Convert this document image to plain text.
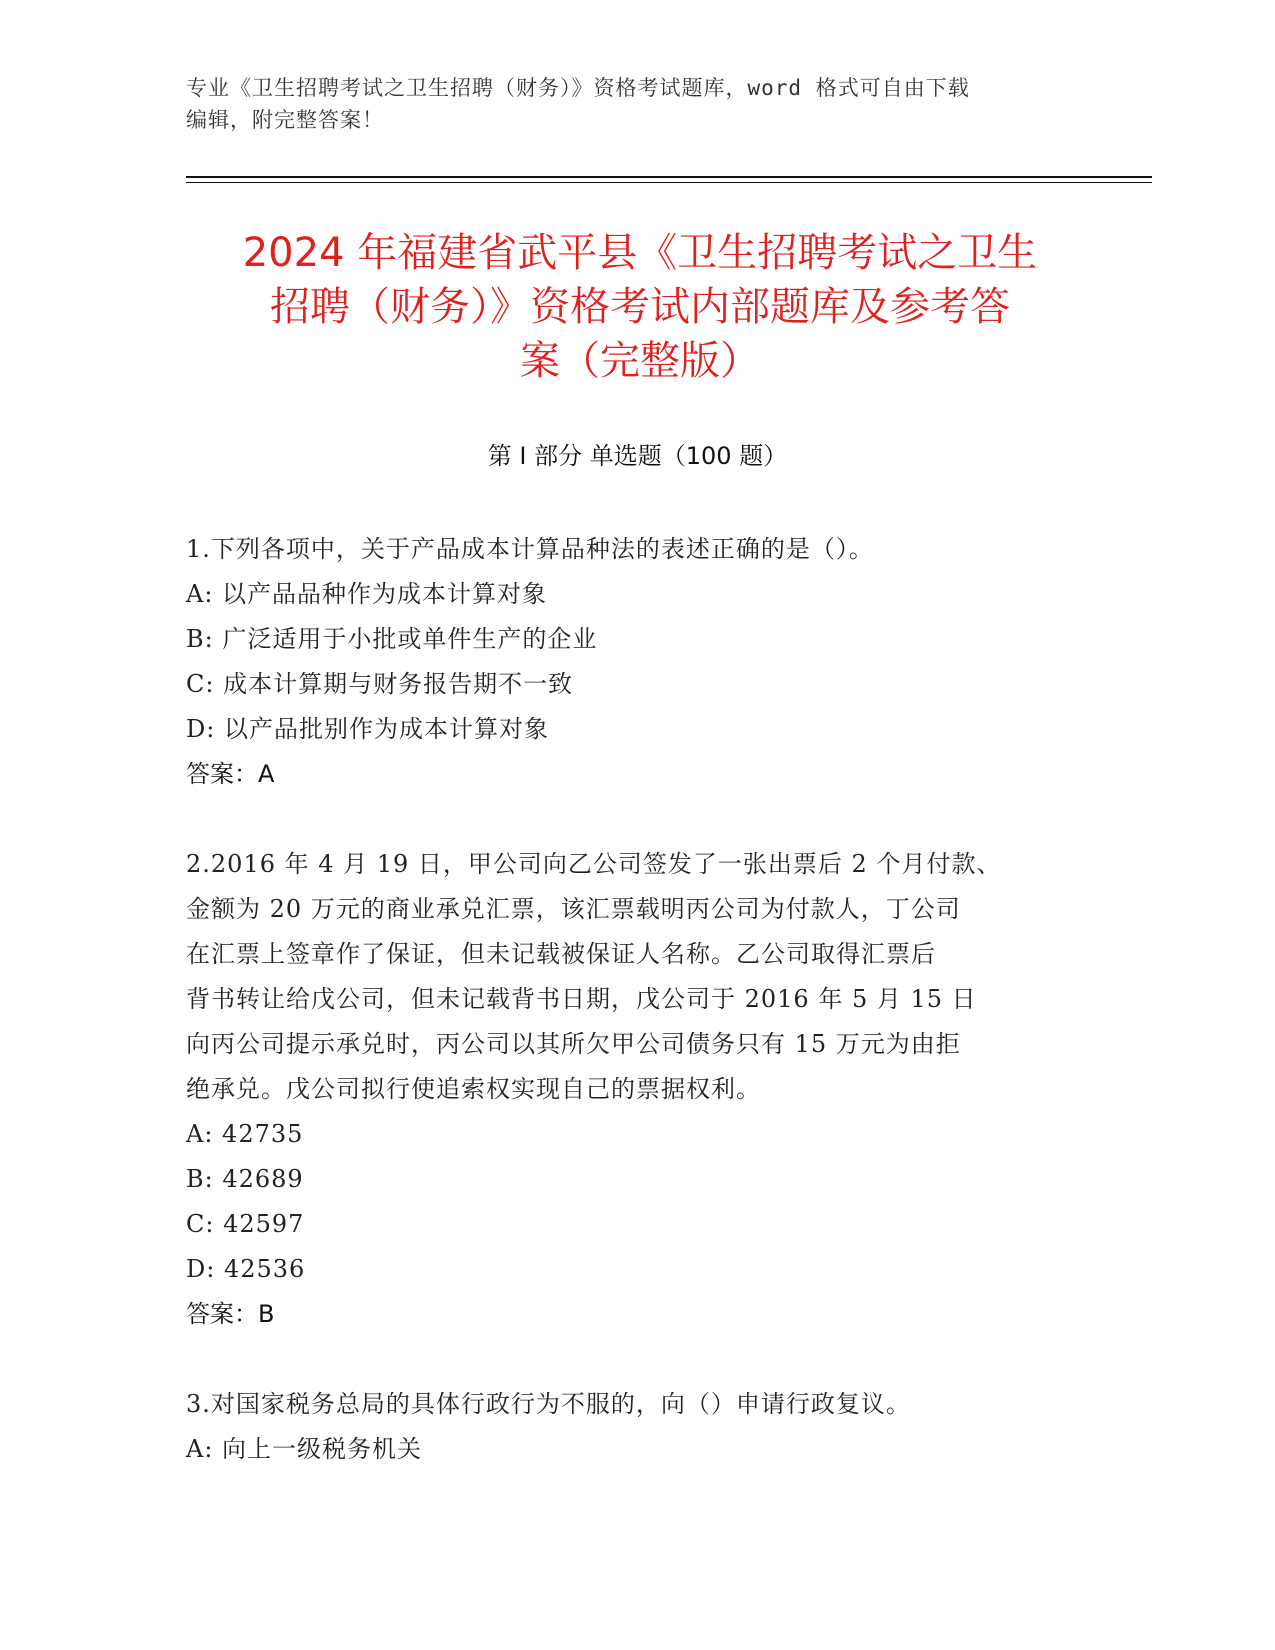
专业《卫生招聘考试之卫生招聘（财务）》资格考试题库，word 格式可自由下载
编辑，附完整答案！
2024 年福建省武平县《卫生招聘考试之卫生
招聘（财务）》资格考试内部题库及参考答
案（完整版）
第 I 部分 单选题（100 题）
1.下列各项中，关于产品成本计算品种法的表述正确的是（）。
A: 以产品品种作为成本计算对象
B: 广泛适用于小批或单件生产的企业
C: 成本计算期与财务报告期不一致
D: 以产品批别作为成本计算对象
答案：A
2.2016 年 4 月 19 日，甲公司向乙公司签发了一张出票后 2 个月付款、
金额为 20 万元的商业承兑汇票，该汇票载明丙公司为付款人，丁公司
在汇票上签章作了保证，但未记载被保证人名称。乙公司取得汇票后
背书转让给戊公司，但未记载背书日期，戊公司于 2016 年 5 月 15 日
向丙公司提示承兑时，丙公司以其所欠甲公司债务只有 15 万元为由拒
绝承兑。戊公司拟行使追索权实现自己的票据权利。
A: 42735
B: 42689
C: 42597
D: 42536
答案：B
3.对国家税务总局的具体行政行为不服的，向（）申请行政复议。
A: 向上一级税务机关
